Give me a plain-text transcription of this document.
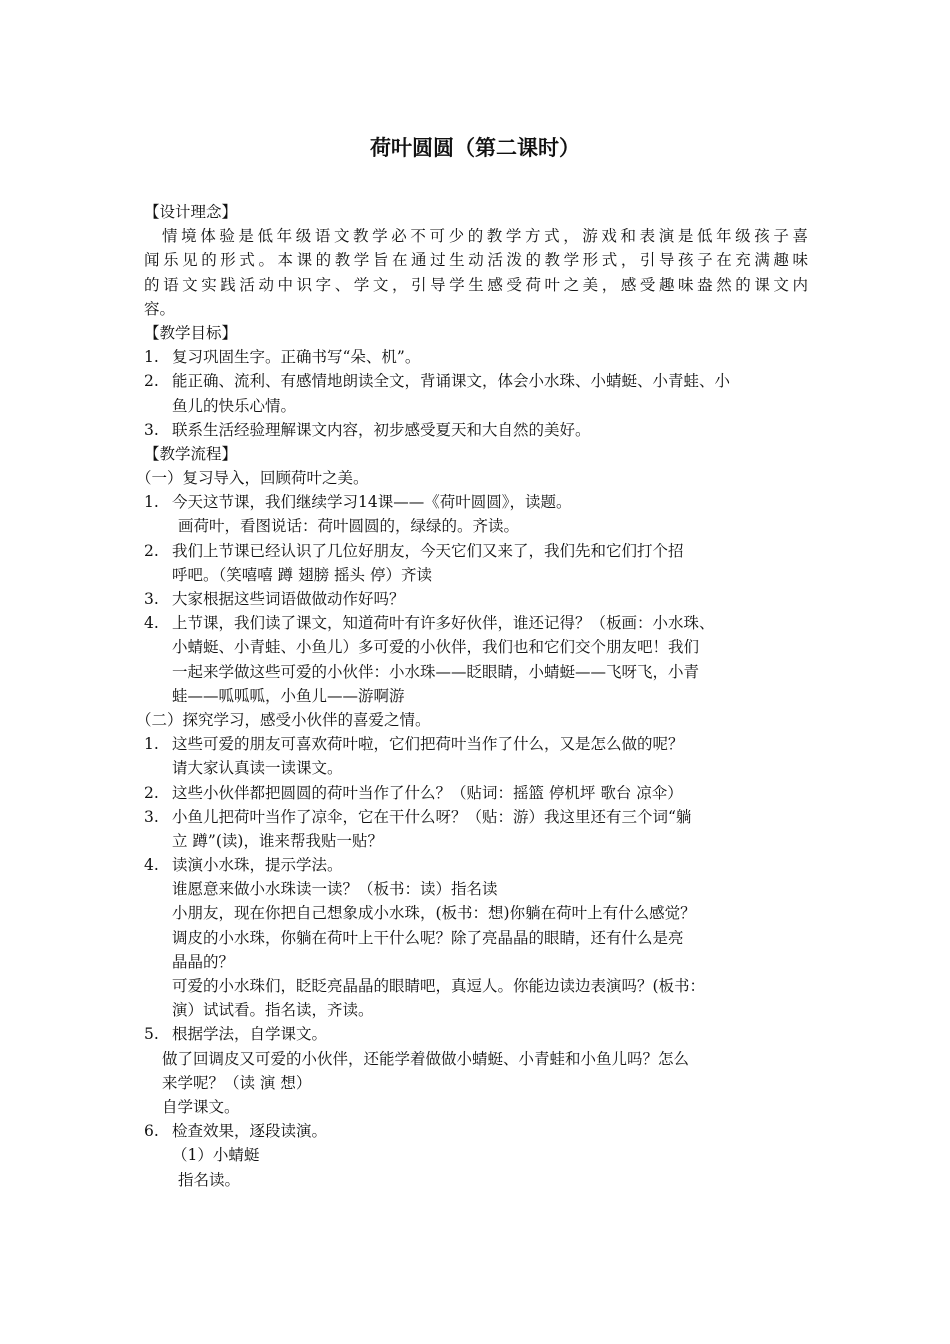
荷叶圆圆（第二课时）
【设计理念】
情境体验是低年级语文教学必不可少的教学方式，游戏和表演是低年级孩子喜
闻乐见的形式。本课的教学旨在通过生动活泼的教学形式，引导孩子在充满趣味
的语文实践活动中识字、学文，引导学生感受荷叶之美，感受趣味盎然的课文内
容。
【教学目标】
1. 复习巩固生字。正确书写“朵、机”。
2. 能正确、流利、有感情地朗读全文，背诵课文，体会小水珠、小蜻蜓、小青蛙、小
鱼儿的快乐心情。
3. 联系生活经验理解课文内容，初步感受夏天和大自然的美好。
【教学流程】
（一）复习导入，回顾荷叶之美。
1. 今天这节课，我们继续学习14课——《荷叶圆圆》，读题。
画荷叶，看图说话：荷叶圆圆的，绿绿的。齐读。
2. 我们上节课已经认识了几位好朋友，今天它们又来了，我们先和它们打个招
呼吧。（笑嘻嘻 蹲 翅膀 摇头 停）齐读
3. 大家根据这些词语做做动作好吗？
4. 上节课，我们读了课文，知道荷叶有许多好伙伴，谁还记得？（板画：小水珠、
小蜻蜓、小青蛙、小鱼儿）多可爱的小伙伴，我们也和它们交个朋友吧！我们
一起来学做这些可爱的小伙伴：小水珠——眨眼睛，小蜻蜓——飞呀飞，小青
蛙——呱呱呱，小鱼儿——游啊游
（二）探究学习，感受小伙伴的喜爱之情。
1. 这些可爱的朋友可喜欢荷叶啦，它们把荷叶当作了什么，又是怎么做的呢？
请大家认真读一读课文。
2. 这些小伙伴都把圆圆的荷叶当作了什么？（贴词：摇篮 停机坪 歌台 凉伞）
3. 小鱼儿把荷叶当作了凉伞，它在干什么呀？（贴：游）我这里还有三个词“躺
立 蹲”(读)，谁来帮我贴一贴？
4. 读演小水珠，提示学法。
谁愿意来做小水珠读一读？（板书：读）指名读
小朋友，现在你把自己想象成小水珠，(板书：想)你躺在荷叶上有什么感觉？
调皮的小水珠，你躺在荷叶上干什么呢？除了亮晶晶的眼睛，还有什么是亮
晶晶的？
可爱的小水珠们，眨眨亮晶晶的眼睛吧，真逗人。你能边读边表演吗？(板书：
演）试试看。指名读，齐读。
5. 根据学法，自学课文。
做了回调皮又可爱的小伙伴，还能学着做做小蜻蜓、小青蛙和小鱼儿吗？怎么
来学呢？（读 演 想）
自学课文。
6. 检查效果，逐段读演。
（1）小蜻蜓
指名读。
